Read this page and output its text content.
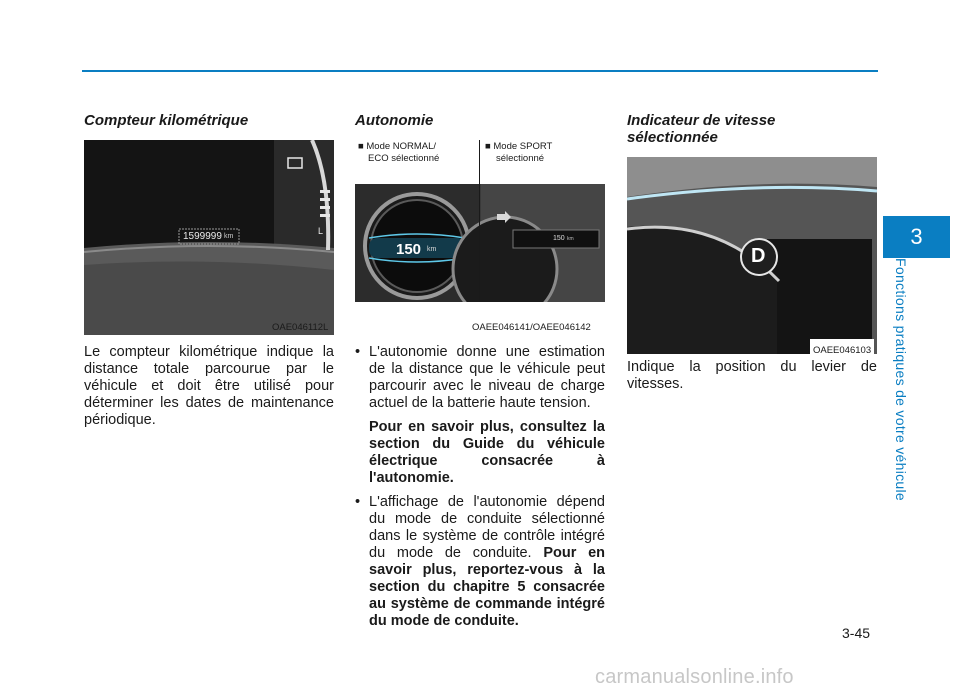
Compteur kilométrique
1599999 km
L
OAE046112L

Le compteur kilométrique indique la distance totale parcourue par le véhicule et doit être utilisé pour déterminer les dates de maintenance périodique.

Autonomie
■ Mode NORMAL/
ECO sélectionné
■ Mode SPORT
sélectionné
150 km
150 km
OAEE046141/OAEE046142
• L'autonomie donne une estimation de la distance que le véhicule peut parcourir avec le niveau de charge actuel de la batterie haute tension.
Pour en savoir plus, consultez la section du Guide du véhicule électrique consacrée à l'autonomie.
• L'affichage de l'autonomie dépend du mode de conduite sélectionné dans le système de contrôle intégré du mode de conduite. Pour en savoir plus, reportez-vous à la section du chapitre 5 consacrée au système de commande intégré du mode de conduite.
Indicateur de vitesse
sélectionnée
D
OAEE046103

Indique la position du levier de vitesses.

3
Fonctions pratiques de votre véhicule
3-45
carmanualsonline.info
